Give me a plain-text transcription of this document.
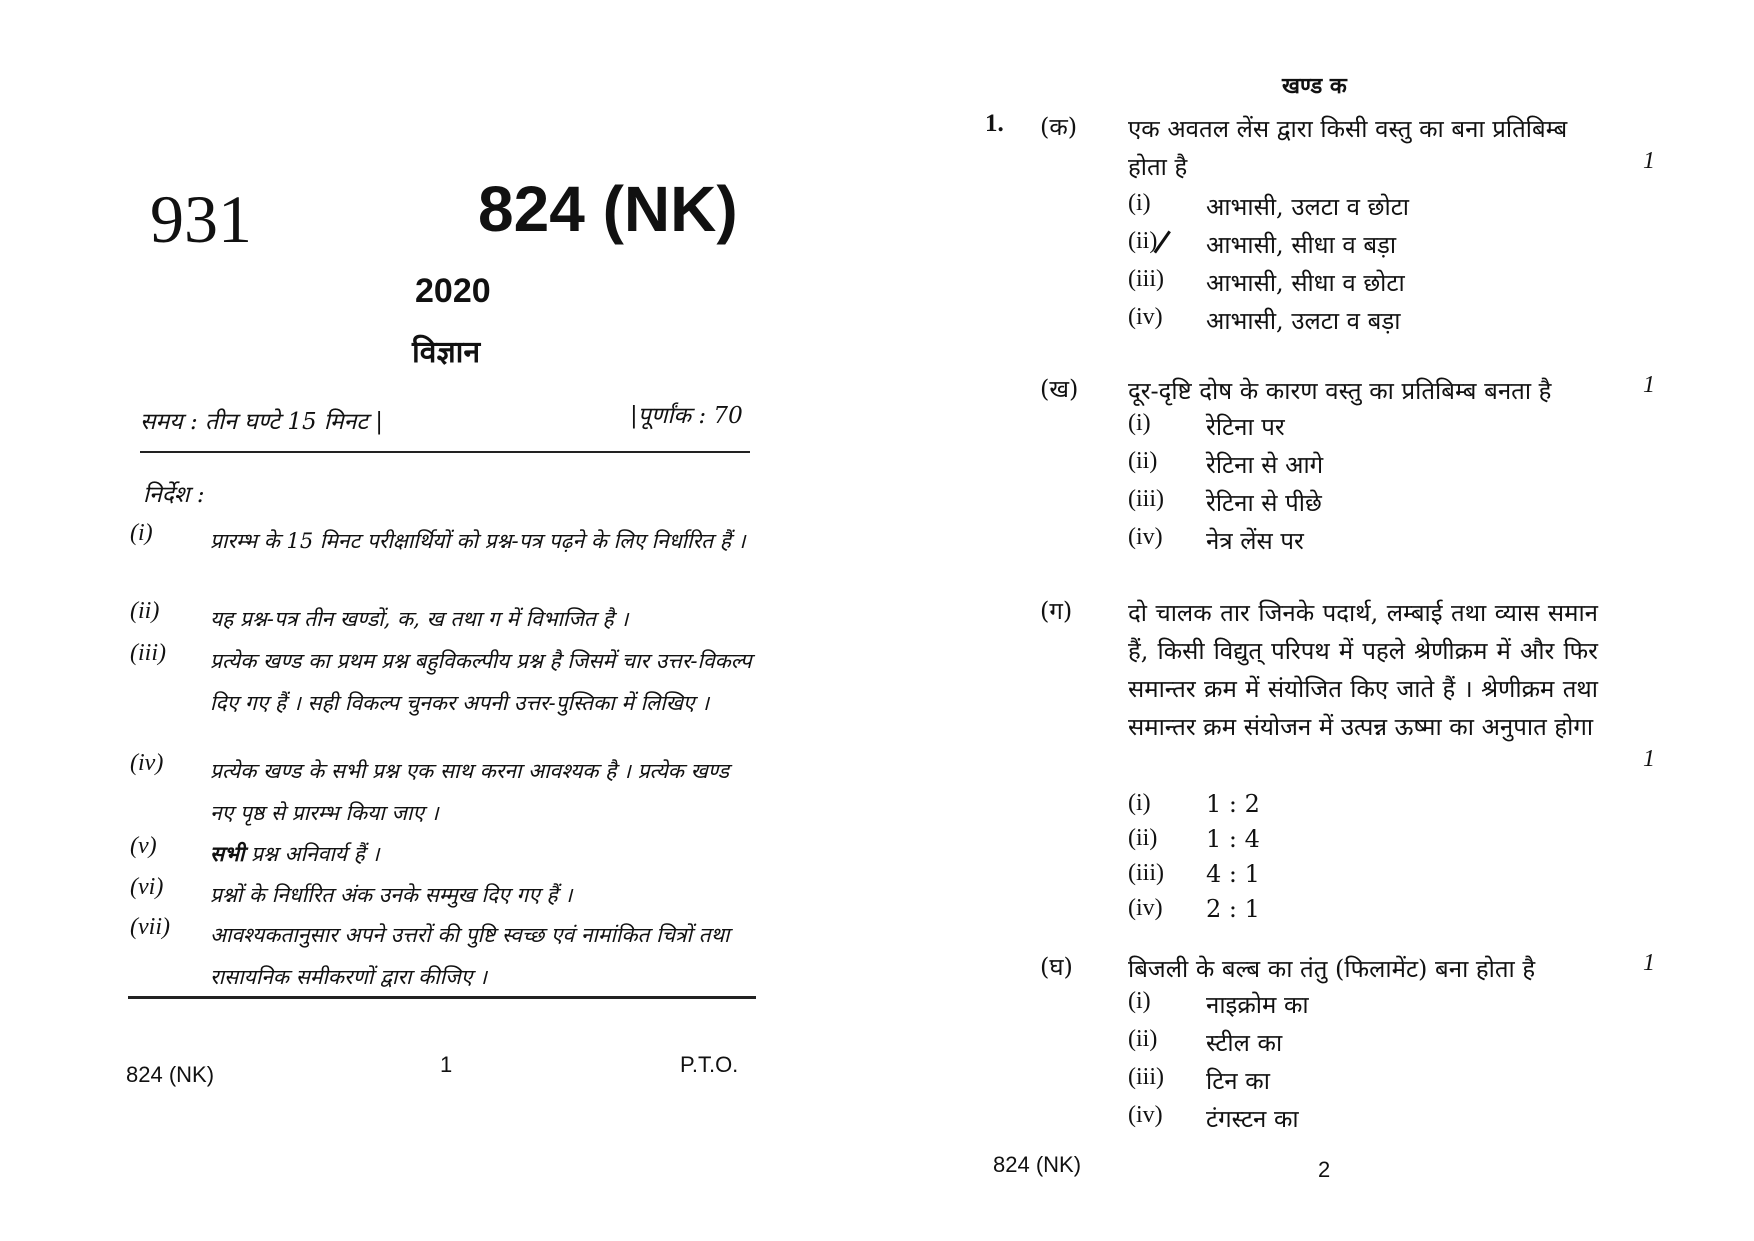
931	824 (NK)
2020
विज्ञान
समय : तीन घण्टे 15 मिनट |	|पूर्णांक : 70
निर्देश :
(i)	प्रारम्भ के 15 मिनट परीक्षार्थियों को प्रश्न-पत्र पढ़ने के लिए निर्धारित हैं ।
(ii)	यह प्रश्न-पत्र तीन खण्डों, क, ख तथा ग में विभाजित है ।
(iii)	प्रत्येक खण्ड का प्रथम प्रश्न बहुविकल्पीय प्रश्न है जिसमें चार उत्तर-विकल्प दिए गए हैं । सही विकल्प चुनकर अपनी उत्तर-पुस्तिका में लिखिए ।
(iv)	प्रत्येक खण्ड के सभी प्रश्न एक साथ करना आवश्यक है । प्रत्येक खण्ड नए पृष्ठ से प्रारम्भ किया जाए ।
(v)	सभी प्रश्न अनिवार्य हैं ।
(vi)	प्रश्नों के निर्धारित अंक उनके सम्मुख दिए गए हैं ।
(vii)	आवश्यकतानुसार अपने उत्तरों की पुष्टि स्वच्छ एवं नामांकित चित्रों तथा रासायनिक समीकरणों द्वारा कीजिए ।
824 (NK)	1	P.T.O.
खण्ड क
1. (क) एक अवतल लेंस द्वारा किसी वस्तु का बना प्रतिबिम्ब होता है	1
(i) आभासी, उलटा व छोटा
(ii) आभासी, सीधा व बड़ा
(iii) आभासी, सीधा व छोटा
(iv) आभासी, उलटा व बड़ा
(ख) दूर-दृष्टि दोष के कारण वस्तु का प्रतिबिम्ब बनता है	1
(i) रेटिना पर
(ii) रेटिना से आगे
(iii) रेटिना से पीछे
(iv) नेत्र लेंस पर
(ग) दो चालक तार जिनके पदार्थ, लम्बाई तथा व्यास समान हैं, किसी विद्युत् परिपथ में पहले श्रेणीक्रम में और फिर समान्तर क्रम में संयोजित किए जाते हैं । श्रेणीक्रम तथा समान्तर क्रम संयोजन में उत्पन्न ऊष्मा का अनुपात होगा
1
(i) 1 : 2
(ii) 1 : 4
(iii) 4 : 1
(iv) 2 : 1
(घ) बिजली के बल्ब का तंतु (फिलामेंट) बना होता है	1
(i) नाइक्रोम का
(ii) स्टील का
(iii) टिन का
(iv) टंगस्टन का
824 (NK)	2
